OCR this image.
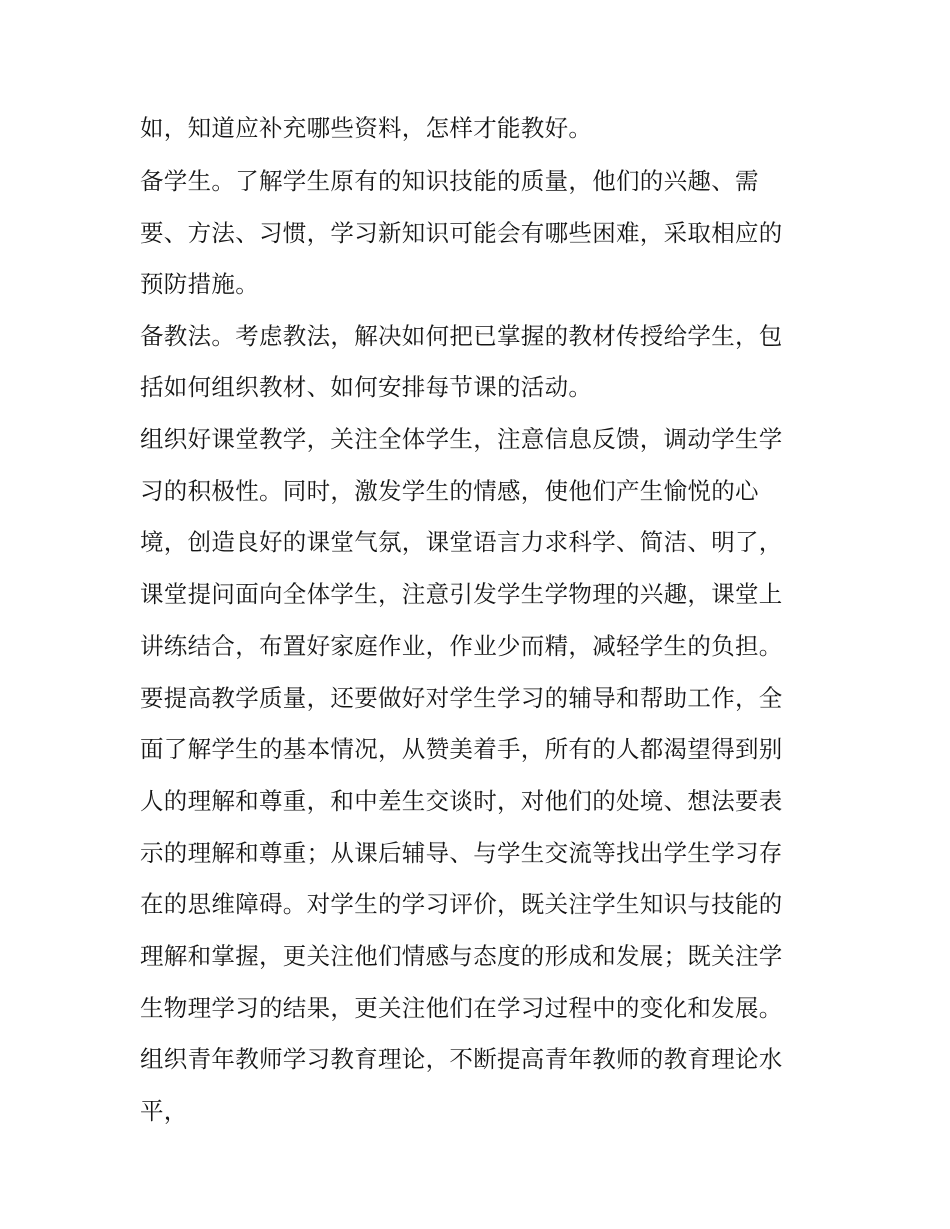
如，知道应补充哪些资料，怎样才能教好。
备学生。了解学生原有的知识技能的质量，他们的兴趣、需
要、方法、习惯，学习新知识可能会有哪些困难，采取相应的
预防措施。
备教法。考虑教法，解决如何把已掌握的教材传授给学生，包
括如何组织教材、如何安排每节课的活动。
组织好课堂教学，关注全体学生，注意信息反馈，调动学生学
习的积极性。同时，激发学生的情感，使他们产生愉悦的心
境，创造良好的课堂气氛，课堂语言力求科学、简洁、明了，
课堂提问面向全体学生，注意引发学生学物理的兴趣，课堂上
讲练结合，布置好家庭作业，作业少而精，减轻学生的负担。
要提高教学质量，还要做好对学生学习的辅导和帮助工作，全
面了解学生的基本情况，从赞美着手，所有的人都渴望得到别
人的理解和尊重，和中差生交谈时，对他们的处境、想法要表
示的理解和尊重；从课后辅导、与学生交流等找出学生学习存
在的思维障碍。对学生的学习评价，既关注学生知识与技能的
理解和掌握，更关注他们情感与态度的形成和发展；既关注学
生物理学习的结果，更关注他们在学习过程中的变化和发展。
组织青年教师学习教育理论，不断提高青年教师的教育理论水
平，
